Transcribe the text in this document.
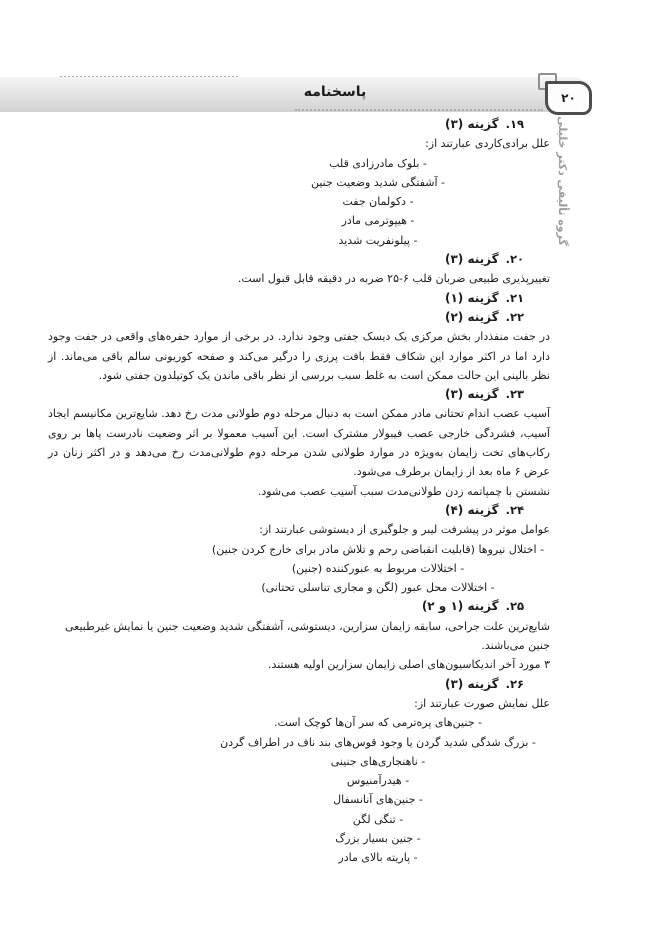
پاسخنامه	۲۰
گروه تألیفی دکتر خلیلی
۱۹.
گزینه (۳)
علل برادی‌کاردی عبارتند از:
- بلوک مادرزادی قلب
- آشفتگی شدید وضعیت جنین
- دکولمان جفت
- هیپوترمی مادر
- پیلونفریت شدید
۲۰.
گزینه (۳)
تغییرپذیری طبیعی ضربان قلب ۶-۲۵ ضربه در دقیقه قابل قبول است.
۲۱.
گزینه (۱)
۲۲.
گزینه (۲)
در جفت منفذدار بخش مرکزی یک دیسک جفتی وجود ندارد. در برخی از موارد حفره‌های واقعی در جفت وجود دارد اما در اکثر موارد این شکاف فقط بافت پرزی را درگیر می‌کند و صفحه کوریونی سالم باقی می‌ماند. از نظر بالینی این حالت ممکن است به غلط سبب بررسی از نظر باقی ماندن یک کوتیلدون جفتی شود.
۲۳.
گزینه (۳)
آسیب عصب اندام تحتانی مادر ممکن است به دنبال مرحله دوم طولانی مدت رخ دهد. شایع‌ترین مکانیسم ایجاد آسیب، فشردگی خارجی عصب فیبولار مشترک است. این آسیب معمولا بر اثر وضعیت نادرست پاها بر روی رکاب‌های تخت زایمان به‌ویژه در موارد طولانی شدن مرحله دوم طولانی‌مدت رخ می‌دهد و در اکثر زنان در عرض ۶ ماه بعد از زایمان برطرف می‌شود.
نشستن با چمپاتمه زدن طولانی‌مدت سبب آسیب عصب می‌شود.
۲۴.
گزینه (۴)
عوامل موثر در پیشرفت لیبر و جلوگیری از دیستوشی عبارتند از:
- اختلال نیروها (قابلیت انقباضی رحم و تلاش مادر برای خارج کردن جنین)
- اختلالات مربوط به عبورکننده (جنین)
- اختلالات محل عبور (لگن و مجاری تناسلی تحتانی)
۲۵.
گزینه (۱ و ۲)
شایع‌ترین علت جراحی، سابقه زایمان سزارین، دیستوشی، آشفتگی شدید وضعیت جنین یا نمایش غیرطبیعی جنین می‌باشند.
۳ مورد آخر اندیکاسیون‌های اصلی زایمان سزارین اولیه هستند.
۲۶.
گزینه (۳)
علل نمایش صورت عبارتند از:
- جنین‌های پره‌ترمی که سر آن‌ها کوچک است.
- بزرگ شدگی شدید گردن یا وجود قوس‌های بند ناف در اطراف گردن
- ناهنجاری‌های جنینی
- هیدرآمنیوس
- جنین‌های آنانسفال
- تنگی لگن
- جنین بسیار بزرگ
- پاریته بالای مادر
